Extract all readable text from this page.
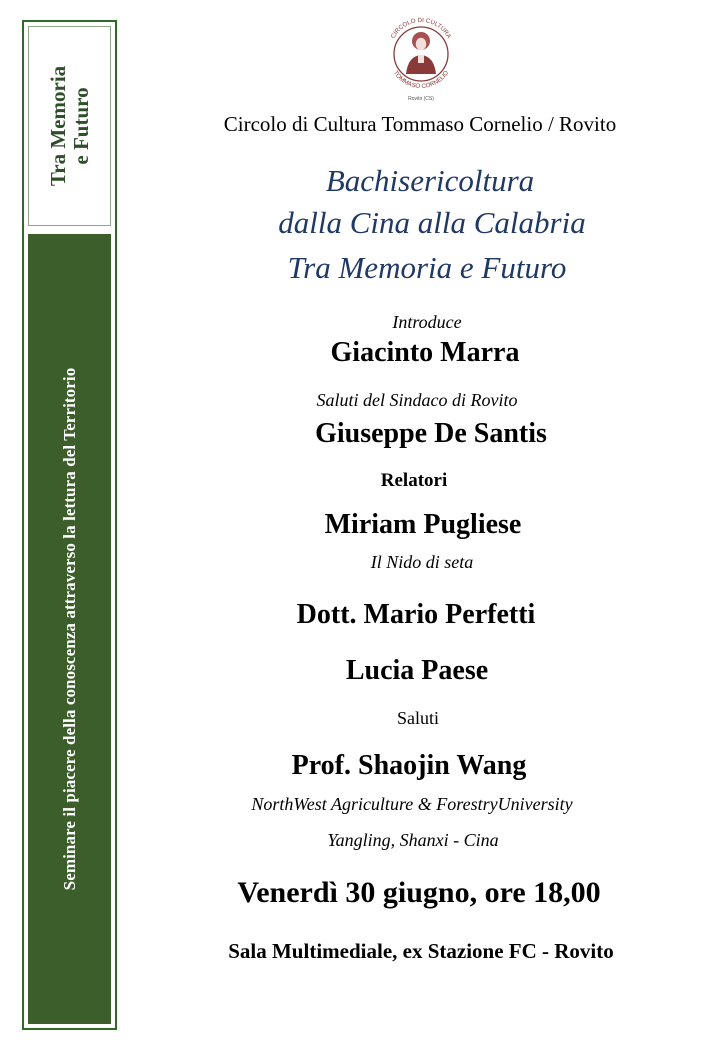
Tra Memoria e Futuro
Seminare il piacere della conoscenza attraverso la lettura del Territorio
CIRCOLO DI CULTURA
TOMMASO CORNELIO
Rovito (CS)
Circolo di Cultura Tommaso Cornelio / Rovito
Bachisericoltura
dalla Cina alla Calabria
Tra Memoria e Futuro
Introduce
Giacinto Marra
Saluti del Sindaco di Rovito
Giuseppe De Santis
Relatori
Miriam Pugliese
Il Nido di seta
Dott. Mario Perfetti
Lucia Paese
Saluti
Prof. Shaojin Wang
NorthWest Agriculture & ForestryUniversity
Yangling, Shanxi - Cina
Venerdì 30 giugno, ore 18,00
Sala Multimediale, ex Stazione FC - Rovito
